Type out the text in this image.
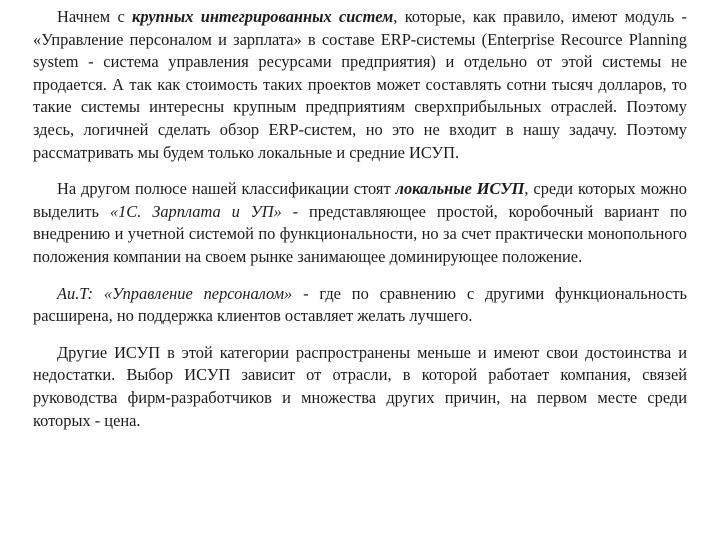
Начнем с крупных интегрированных систем, которые, как правило, имеют модуль - «Управление персоналом и зарплата» в составе ERP-системы (Enterprise Recource Planning system - система управления ресурсами предприятия) и отдельно от этой системы не продается. А так как стоимость таких проектов может составлять сотни тысяч долларов, то такие системы интересны крупным предприятиям сверхприбыльных отраслей. Поэтому здесь, логичней сделать обзор ERP-систем, но это не входит в нашу задачу. Поэтому рассматривать мы будем только локальные и средние ИСУП.

На другом полюсе нашей классификации стоят локальные ИСУП, среди которых можно выделить «1С. Зарплата и УП» - представляющее простой, коробочный вариант по внедрению и учетной системой по функциональности, но за счет практически монопольного положения компании на своем рынке занимающее доминирующее положение.

Au.T: «Управление персоналом» - где по сравнению с другими функциональность расширена, но поддержка клиентов оставляет желать лучшего.

Другие ИСУП в этой категории распространены меньше и имеют свои достоинства и недостатки. Выбор ИСУП зависит от отрасли, в которой работает компания, связей руководства фирм-разработчиков и множества других причин, на первом месте среди которых - цена.
